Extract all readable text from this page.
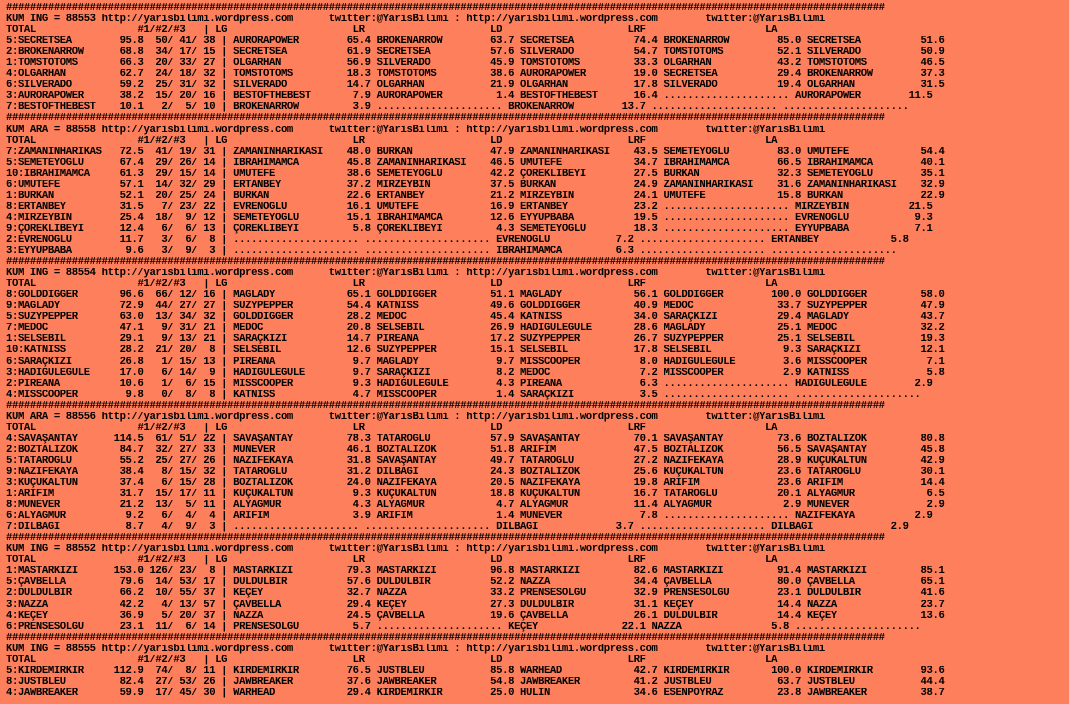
###################################################################################################################################################
KUM ING = 88553 http://yarisbilimi.wordpress.com      twitter:@YarisBilimi : http://yarisbilimi.wordpress.com        twitter:@YarisBilimi
TOTAL                 #1/#2/#3   | LG                     LR                     LD                     LRF                    LA
5:SECRETSEA        95.8  50/ 41/ 38 | AURORAPOWER        65.4 BROKENARROW        63.7 SECRETSEA          74.4 BROKENARROW        85.0 SECRETSEA          51.6
2:BROKENARROW      68.8  34/ 17/ 15 | SECRETSEA          61.9 SECRETSEA          57.6 SILVERADO          54.7 TOMSTOTOMS         52.1 SILVERADO          50.9
1:TOMSTOTOMS       66.3  20/ 33/ 27 | OLGARHAN           56.9 SILVERADO          45.9 TOMSTOTOMS         33.3 OLGARHAN           43.2 TOMSTOTOMS         46.5
4:OLGARHAN         62.7  24/ 18/ 32 | TOMSTOTOMS         18.3 TOMSTOTOMS         38.6 AURORAPOWER        19.0 SECRETSEA          29.4 BROKENARROW        37.3
6:SILVERADO        59.2  25/ 31/ 32 | SILVERADO          14.7 OLGARHAN           21.9 OLGARHAN           17.8 SILVERADO          19.4 OLGARHAN           31.5
3:AURORAPOWER      38.2  15/ 20/ 16 | BESTOFTHEBEST       7.9 AURORAPOWER         1.4 BESTOFTHEBEST      16.4 ..................... AURORAPOWER        11.5
7:BESTOFTHEBEST    10.1   2/  5/ 10 | BROKENARROW         3.9 ..................... BROKENARROW        13.7 ..................... .....................
###################################################################################################################################################
KUM ARA = 88558 http://yarisbilimi.wordpress.com      twitter:@YarisBilimi : http://yarisbilimi.wordpress.com        twitter:@YarisBilimi
TOTAL                 #1/#2/#3   | LG                     LR                     LD                     LRF                    LA
7:ZAMANINHARİKAS   72.5  41/ 19/ 31 | ZAMANINHARİKASI    48.0 BÜRKAN             47.9 ZAMANINHARİKASI    43.5 SEMETEYOĞLU        83.0 UMUTEFE            54.4
5:SEMETEYOĞLU      67.4  29/ 26/ 14 | İBRAHİMAMCA        45.8 ZAMANINHARİKASI    46.5 UMUTEFE            34.7 İBRAHİMAMCA        66.5 İBRAHİMAMCA        40.1
10:İBRAHİMAMCA     61.3  29/ 15/ 14 | UMUTEFE            38.6 SEMETEYOĞLU        42.2 ÇOREKLİBEYİ        27.5 BÜRKAN             32.3 SEMETEYOĞLU        35.1
6:UMUTEFE          57.1  14/ 32/ 29 | ERTANBEY           37.2 MİRZEYBİN          37.5 BÜRKAN             24.9 ZAMANINHARİKASI    31.6 ZAMANINHARİKASI    32.9
1:BÜRKAN           52.1  20/ 25/ 24 | BÜRKAN             22.6 ERTANBEY           21.2 MİRZEYBİN          24.1 UMUTEFE            15.8 BÜRKAN             22.9
8:ERTANBEY         31.5   7/ 23/ 22 | EVRENOĞLU          16.1 UMUTEFE            16.9 ERTANBEY           23.2 ..................... MİRZEYBİN          21.5
4:MİRZEYBİN        25.4  18/  9/ 12 | SEMETEYOĞLU        15.1 İBRAHİMAMCA        12.6 EYYUPBABA          19.5 ..................... EVRENOĞLU           9.3
9:ÇOREKLİBEYİ      12.4   6/  6/ 13 | ÇOREKLİBEYİ         5.8 ÇOREKLİBEYİ         4.3 SEMETEYOĞLU        18.3 ..................... EYYUPBABA           7.1
2:EVRENOĞLU        11.7   3/  6/  8 | ..................... ..................... EVRENOĞLU           7.2 ..................... ERTANBEY            5.8
3:EYYUPBABA         9.6   3/  9/  3 | ..................... ..................... İBRAHİMAMCA         6.3 ..................... .....................
###################################################################################################################################################
KUM ING = 88554 http://yarisbilimi.wordpress.com      twitter:@YarisBilimi : http://yarisbilimi.wordpress.com        twitter:@YarisBilimi
TOTAL                 #1/#2/#3   | LG                     LR                     LD                     LRF                    LA
8:GOLDDIGGER       96.6  66/ 12/ 16 | MAGLADY            65.1 GOLDDIGGER         51.1 MAGLADY            56.1 GOLDDIGGER        100.0 GOLDDIGGER         58.0
9:MAGLADY          72.9  44/ 27/ 27 | SUZYPEPPER         54.4 KATNISS            49.6 GOLDDIGGER         40.9 MEDOC              33.7 SUZYPEPPER         47.9
5:SUZYPEPPER       63.0  13/ 34/ 32 | GOLDDIGGER         28.2 MEDOC              45.4 KATNISS            34.0 SARAÇKIZI          29.4 MAGLADY            43.7
7:MEDOC            47.1   9/ 31/ 21 | MEDOC              20.8 SELSEBİL           26.9 HADİGÜLEGÜLE       28.6 MAGLADY            25.1 MEDOC              32.2
1:SELSEBİL         29.1   9/ 13/ 21 | SARAÇKIZI          14.7 PİREANA            17.2 SUZYPEPPER         26.7 SUZYPEPPER         25.1 SELSEBİL           19.3
10:KATNISS         28.2  21/ 20/  8 | SELSEBİL           12.6 SUZYPEPPER         15.1 SELSEBİL           17.8 SELSEBİL            9.3 SARAÇKIZI          12.1
6:SARAÇKIZI        26.8   1/ 15/ 13 | PİREANA             9.7 MAGLADY             9.7 MISSCOOPER          8.0 HADİGÜLEGÜLE        3.6 MISSCOOPER          7.1
3:HADİGÜLEGÜLE     17.0   6/ 14/  9 | HADİGÜLEGÜLE        9.7 SARAÇKIZI           8.2 MEDOC               7.2 MISSCOOPER          2.9 KATNISS             5.8
2:PİREANA          10.6   1/  6/ 15 | MISSCOOPER          9.3 HADİGÜLEGÜLE        4.3 PİREANA             6.3 ..................... HADİGÜLEGÜLE        2.9
4:MISSCOOPER        9.8   0/  8/  8 | KATNISS             4.7 MISSCOOPER          1.4 SARAÇKIZI           3.5 ..................... .....................
###################################################################################################################################################
KUM ARA = 88556 http://yarisbilimi.wordpress.com      twitter:@YarisBilimi : http://yarisbilimi.wordpress.com        twitter:@YarisBilimi
TOTAL                 #1/#2/#3   | LG                     LR                     LD                     LRF                    LA
4:SAVAŞANTAY      114.5  61/ 51/ 22 | SAVAŞANTAY         78.3 TATAROĞLU          57.9 SAVAŞANTAY         70.1 SAVAŞANTAY         73.6 BOZTALİZOK         80.8
2:BOZTALİZOK       84.7  32/ 27/ 33 | MÜNEVER            46.1 BOZTALİZOK         51.8 ARİFİM             47.5 BOZTALİZOK         56.5 SAVAŞANTAY         45.8
5:TATAROĞLU        55.2  25/ 27/ 26 | NAZİFEKAYA         31.8 SAVAŞANTAY         49.7 TATAROĞLU          27.2 NAZİFEKAYA         28.9 KÜÇÜKALTUN         42.9
9:NAZİFEKAYA       38.4   8/ 15/ 32 | TATAROĞLU          31.2 DİLBAĞI            24.3 BOZTALİZOK         25.6 KÜÇÜKALTUN         23.6 TATAROĞLU          30.1
3:KÜÇÜKALTUN       37.4   6/ 15/ 28 | BOZTALİZOK         24.0 NAZİFEKAYA         20.5 NAZİFEKAYA         19.8 ARİFİM             23.6 ARİFİM             14.4
1:ARİFİM           31.7  15/ 17/ 11 | KÜÇÜKALTUN          9.3 KÜÇÜKALTUN         18.8 KÜÇÜKALTUN         16.7 TATAROĞLU          20.1 ALYAĞMUR            6.5
8:MÜNEVER          21.2  13/  5/ 11 | ALYAĞMUR            4.3 ALYAĞMUR            4.7 ALYAĞMUR           11.4 ALYAĞMUR            2.9 MÜNEVER             2.9
6:ALYAĞMUR          9.2   6/  4/  4 | ARİFİM              3.9 ARİFİM              1.4 MÜNEVER             7.8 ..................... NAZİFEKAYA          2.9
7:DİLBAĞI           8.7   4/  9/  3 | ..................... ..................... DİLBAĞI             3.7 ..................... DİLBAĞI             2.9
###################################################################################################################################################
KUM ING = 88552 http://yarisbilimi.wordpress.com      twitter:@YarisBilimi : http://yarisbilimi.wordpress.com        twitter:@YarisBilimi
TOTAL                 #1/#2/#3   | LG                     LR                     LD                     LRF                    LA
1:MASTARKIZI      153.0 126/ 23/  8 | MASTARKIZI         79.3 MASTARKIZI         96.8 MASTARKIZI         82.6 MASTARKIZI         91.4 MASTARKIZI         85.1
5:ÇAVBELLA         79.6  14/ 53/ 17 | DÜLDÜLBİR          57.6 DÜLDÜLBİR          52.2 NAZZA              34.4 ÇAVBELLA           80.0 ÇAVBELLA           65.1
2:DÜLDÜLBİR        66.2  10/ 55/ 37 | KEÇEY              32.7 NAZZA              33.2 PRENSESOLGU        32.9 PRENSESOLGU        23.1 DÜLDÜLBİR          41.6
3:NAZZA            42.2   4/ 13/ 57 | ÇAVBELLA           29.4 KEÇEY              27.3 DÜLDÜLBİR          31.1 KEÇEY              14.4 NAZZA              23.7
4:KEÇEY            36.9   5/ 20/ 37 | NAZZA              24.5 ÇAVBELLA           19.6 ÇAVBELLA           26.1 DÜLDÜLBİR          14.4 KEÇEY              13.6
6:PRENSESOLGU      23.1  11/  6/ 14 | PRENSESOLGU         5.7 ..................... KEÇEY              22.1 NAZZA               5.8 .....................
###################################################################################################################################################
KUM ING = 88555 http://yarisbilimi.wordpress.com      twitter:@YarisBilimi : http://yarisbilimi.wordpress.com        twitter:@YarisBilimi
TOTAL                 #1/#2/#3   | LG                     LR                     LD                     LRF                    LA
5:KIRDEMİRKIR     112.9  74/  8/ 11 | KIRDEMİRKIR        76.5 JUSTBLEU           85.8 WARHEAD            42.7 KIRDEMİRKIR       100.0 KIRDEMİRKIR        93.6
8:JUSTBLEU         82.4  27/ 53/ 26 | JAWBREAKER         37.6 JAWBREAKER         54.8 JAWBREAKER         41.2 JUSTBLEU           63.7 JUSTBLEU           44.4
4:JAWBREAKER       59.9  17/ 45/ 30 | WARHEAD            29.4 KIRDEMİRKIR        25.0 HULİN              34.6 ESENPOYRAZ         23.8 JAWBREAKER         38.7
